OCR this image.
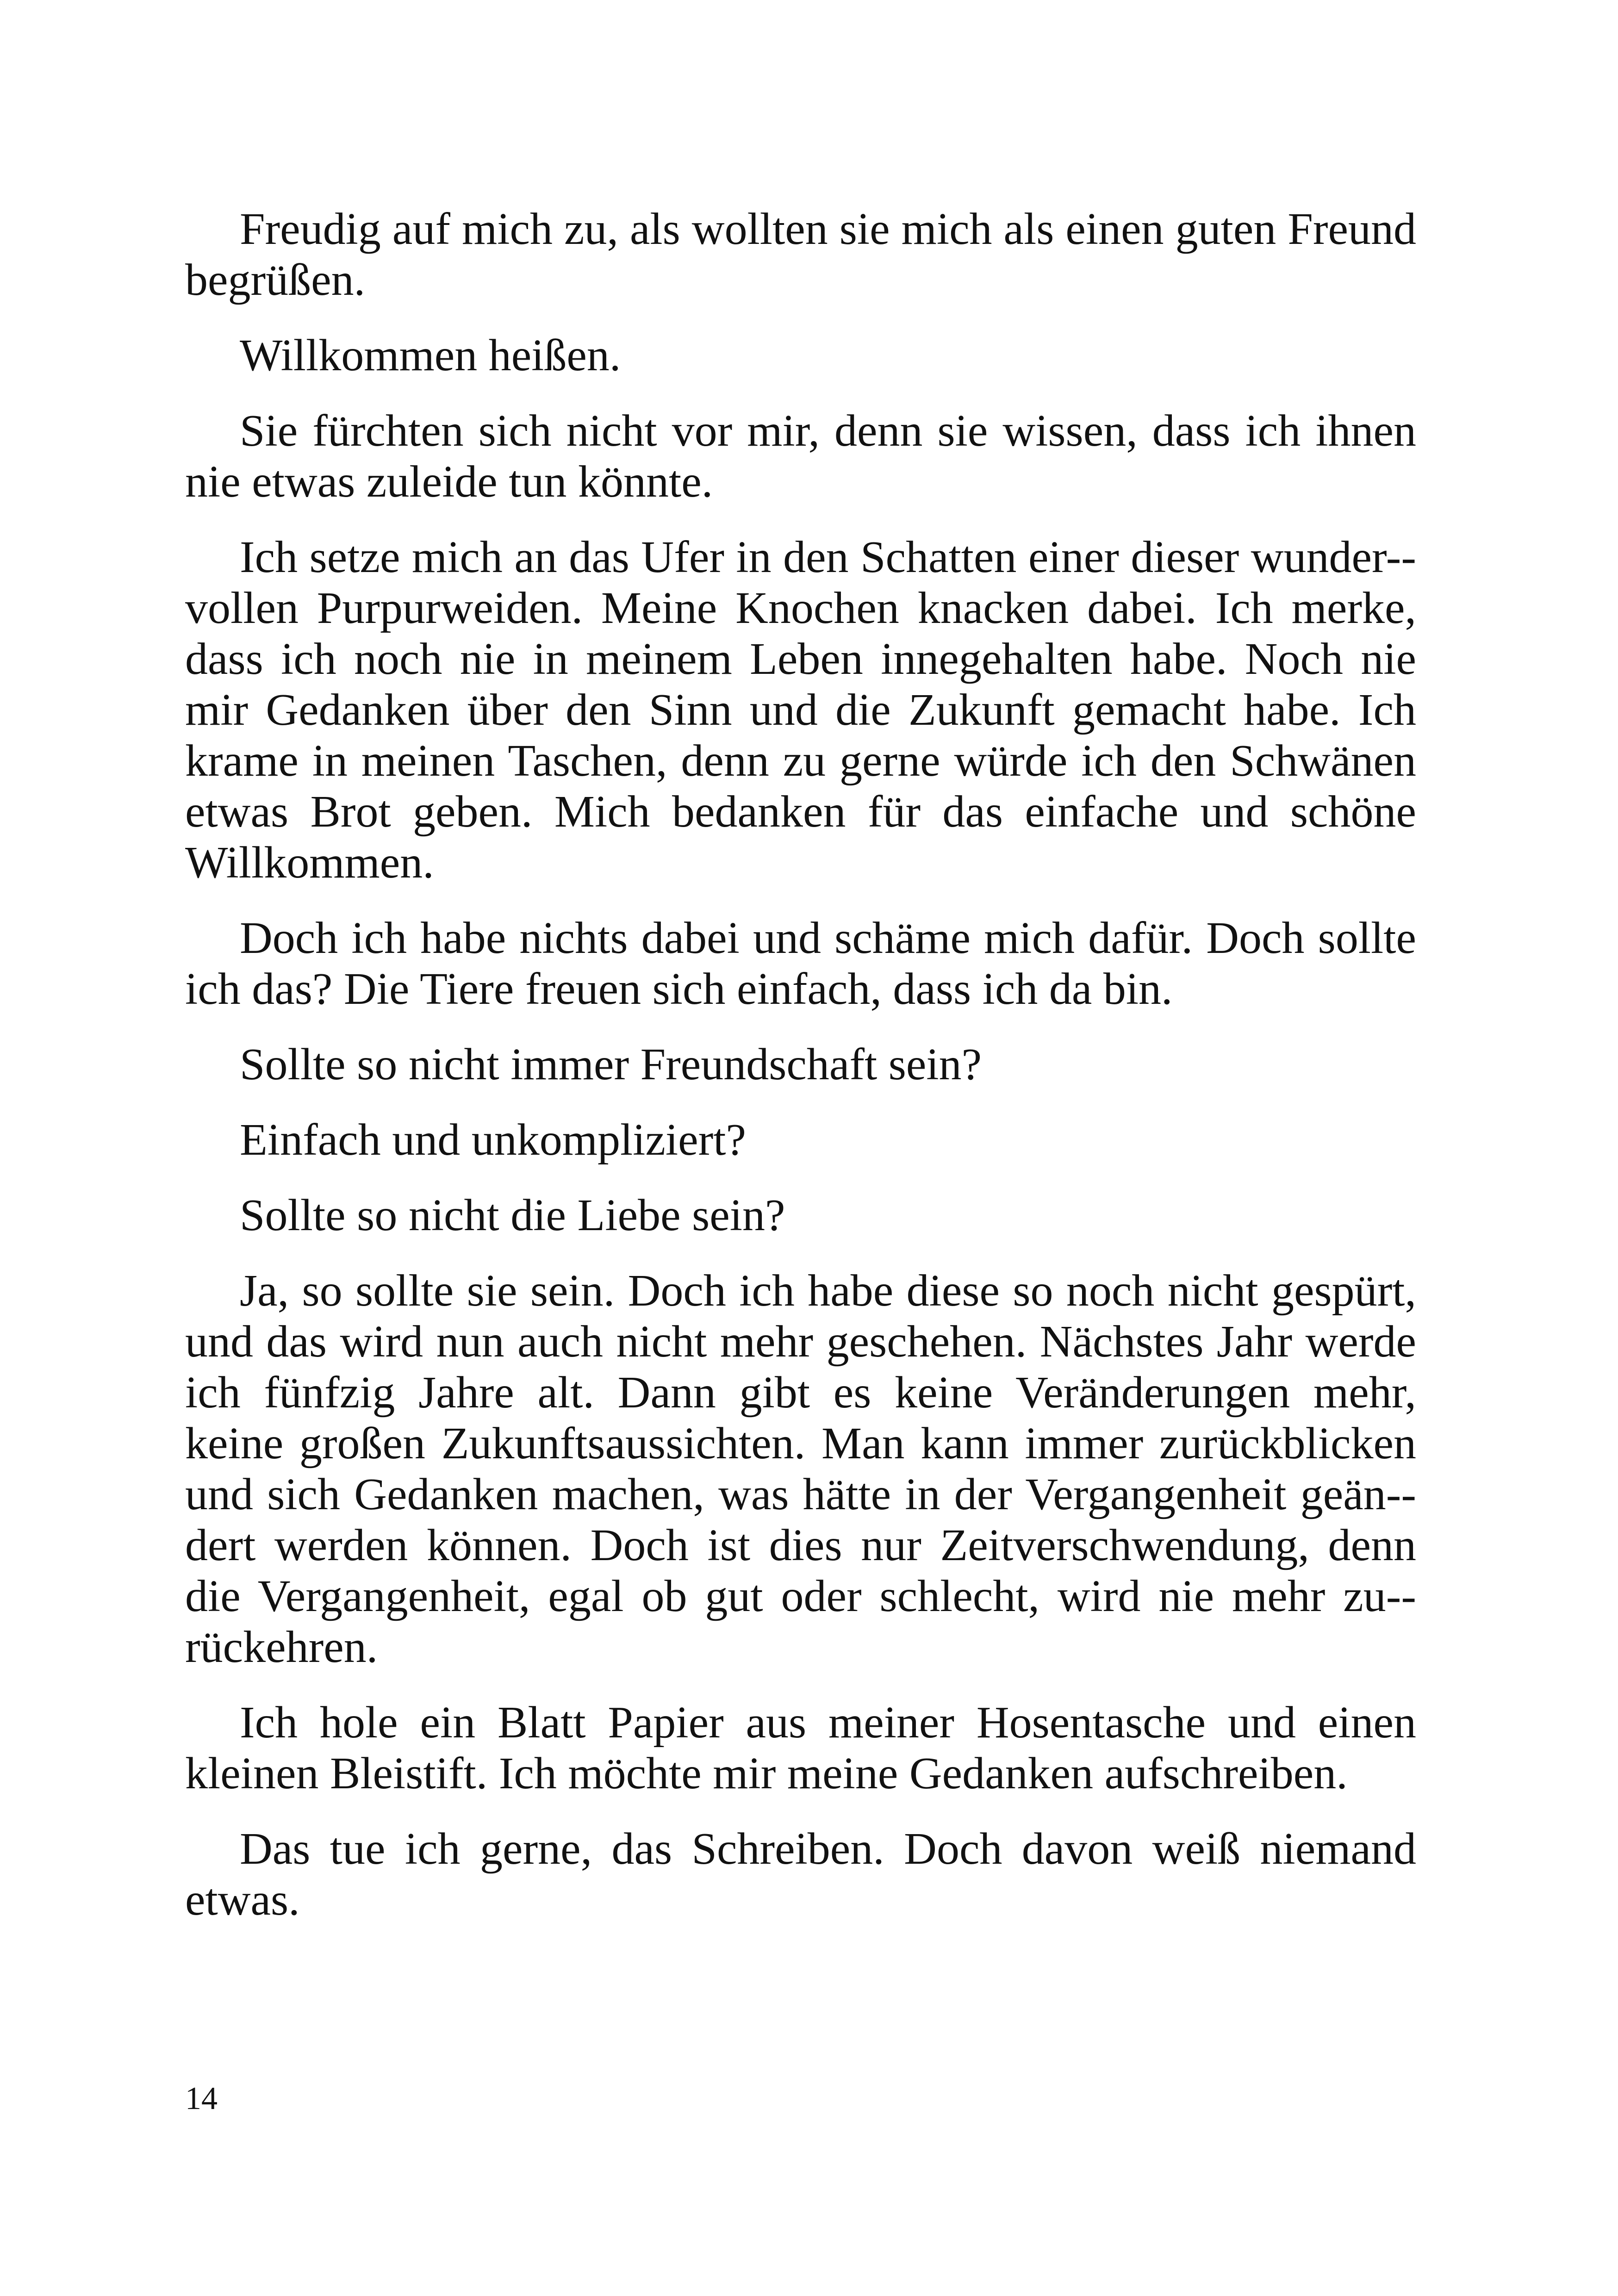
Freudig auf mich zu, als wollten sie mich als einen guten Freund begrüßen.

Willkommen heißen.

Sie fürchten sich nicht vor mir, denn sie wissen, dass ich ihnen nie etwas zuleide tun könnte.

Ich setze mich an das Ufer in den Schatten einer dieser wunder-vollen Purpurweiden. Meine Knochen knacken dabei. Ich merke, dass ich noch nie in meinem Leben innegehalten habe. Noch nie mir Gedanken über den Sinn und die Zukunft gemacht habe. Ich krame in meinen Taschen, denn zu gerne würde ich den Schwänen etwas Brot geben. Mich bedanken für das einfache und schöne Willkommen.

Doch ich habe nichts dabei und schäme mich dafür. Doch sollte ich das? Die Tiere freuen sich einfach, dass ich da bin.

Sollte so nicht immer Freundschaft sein?

Einfach und unkompliziert?

Sollte so nicht die Liebe sein?

Ja, so sollte sie sein. Doch ich habe diese so noch nicht gespürt, und das wird nun auch nicht mehr geschehen. Nächstes Jahr werde ich fünfzig Jahre alt. Dann gibt es keine Veränderungen mehr, keine großen Zukunftsaussichten. Man kann immer zurückblicken und sich Gedanken machen, was hätte in der Vergangenheit geän-dert werden können. Doch ist dies nur Zeitverschwendung, denn die Vergangenheit, egal ob gut oder schlecht, wird nie mehr zu-rückehren.

Ich hole ein Blatt Papier aus meiner Hosentasche und einen kleinen Bleistift. Ich möchte mir meine Gedanken aufschreiben.

Das tue ich gerne, das Schreiben. Doch davon weiß niemand etwas.

14
